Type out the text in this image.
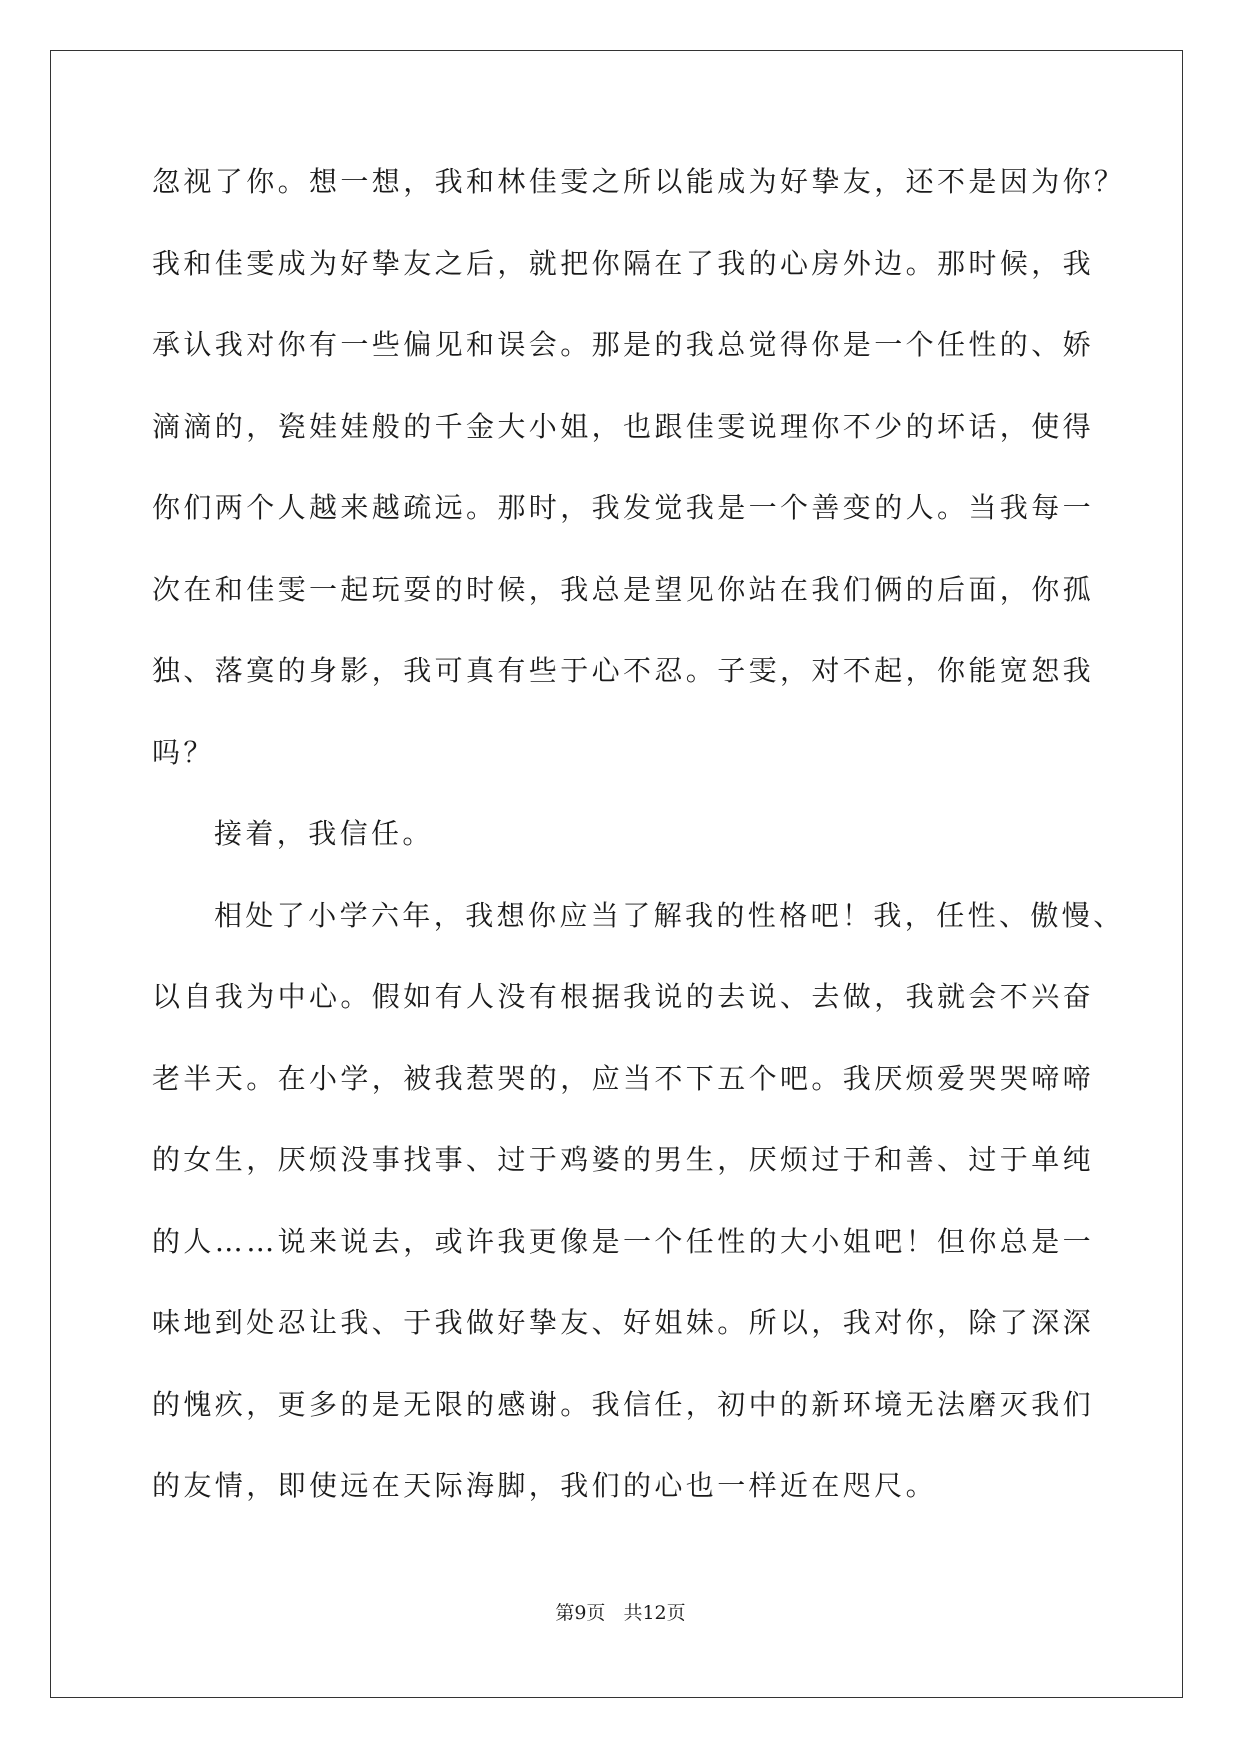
忽视了你。想一想，我和林佳雯之所以能成为好挚友，还不是因为你？
我和佳雯成为好挚友之后，就把你隔在了我的心房外边。那时候，我
承认我对你有一些偏见和误会。那是的我总觉得你是一个任性的、娇
滴滴的，瓷娃娃般的千金大小姐，也跟佳雯说理你不少的坏话，使得
你们两个人越来越疏远。那时，我发觉我是一个善变的人。当我每一
次在和佳雯一起玩耍的时候，我总是望见你站在我们俩的后面，你孤
独、落寞的身影，我可真有些于心不忍。子雯，对不起，你能宽恕我
吗？
接着，我信任。
相处了小学六年，我想你应当了解我的性格吧！我，任性、傲慢、
以自我为中心。假如有人没有根据我说的去说、去做，我就会不兴奋
老半天。在小学，被我惹哭的，应当不下五个吧。我厌烦爱哭哭啼啼
的女生，厌烦没事找事、过于鸡婆的男生，厌烦过于和善、过于单纯
的人……说来说去，或许我更像是一个任性的大小姐吧！但你总是一
味地到处忍让我、于我做好挚友、好姐妹。所以，我对你，除了深深
的愧疚，更多的是无限的感谢。我信任，初中的新环境无法磨灭我们
的友情，即使远在天际海脚，我们的心也一样近在咫尺。
第9页 共12页
